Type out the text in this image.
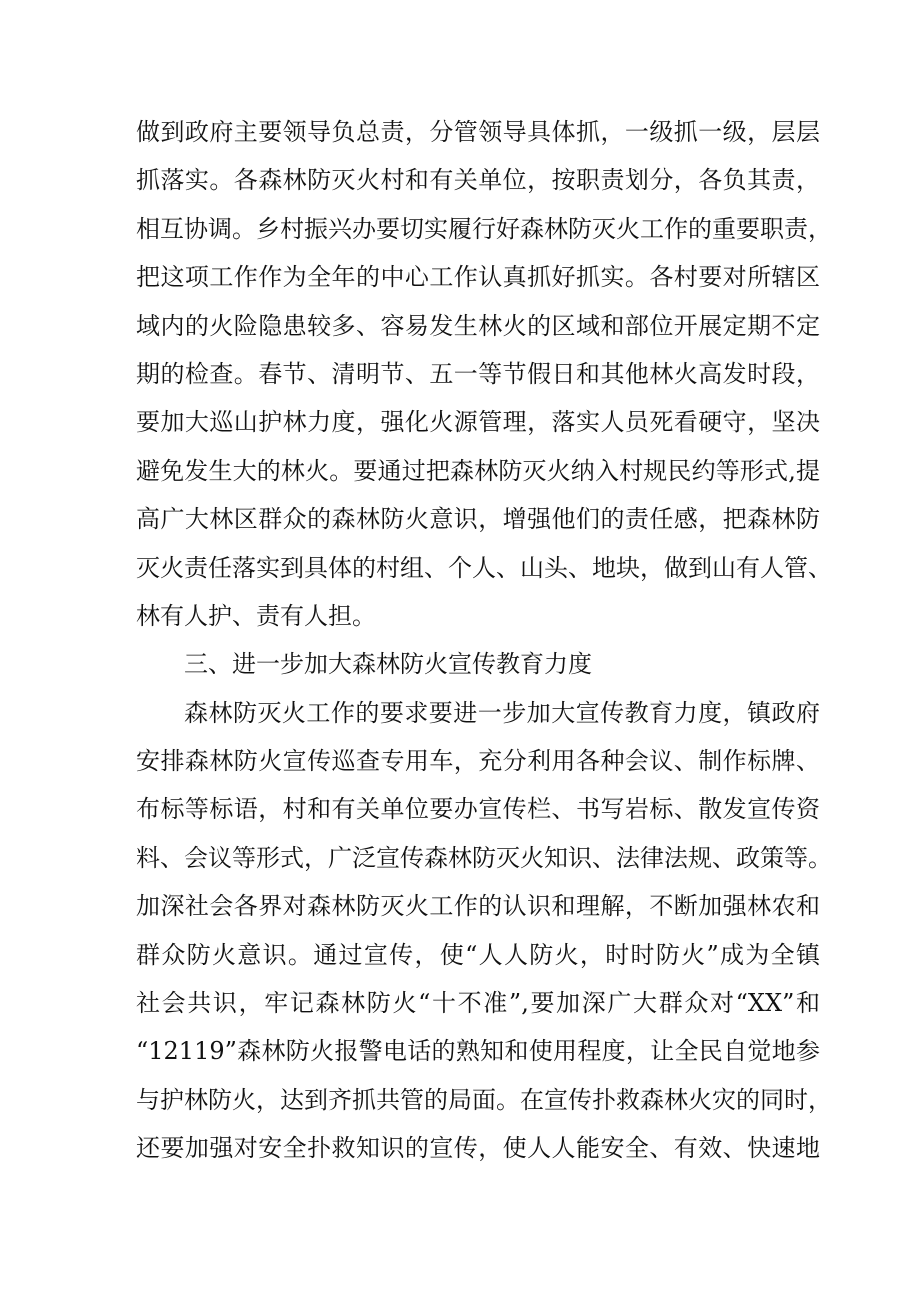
做到政府主要领导负总责，分管领导具体抓，一级抓一级，层层
抓落实。各森林防灭火村和有关单位，按职责划分，各负其责，
相互协调。乡村振兴办要切实履行好森林防灭火工作的重要职责，
把这项工作作为全年的中心工作认真抓好抓实。各村要对所辖区
域内的火险隐患较多、容易发生林火的区域和部位开展定期不定
期的检查。春节、清明节、五一等节假日和其他林火高发时段，
要加大巡山护林力度，强化火源管理，落实人员死看硬守，坚决
避免发生大的林火。要通过把森林防灭火纳入村规民约等形式,提
高广大林区群众的森林防火意识，增强他们的责任感，把森林防
灭火责任落实到具体的村组、个人、山头、地块，做到山有人管、
林有人护、责有人担。
三、进一步加大森林防火宣传教育力度
森林防灭火工作的要求要进一步加大宣传教育力度，镇政府
安排森林防火宣传巡查专用车，充分利用各种会议、制作标牌、
布标等标语，村和有关单位要办宣传栏、书写岩标、散发宣传资
料、会议等形式，广泛宣传森林防灭火知识、法律法规、政策等。
加深社会各界对森林防灭火工作的认识和理解，不断加强林农和
群众防火意识。通过宣传，使“人人防火，时时防火”成为全镇
社会共识，牢记森林防火“十不准”,要加深广大群众对“XX”和
“12119”森林防火报警电话的熟知和使用程度，让全民自觉地参
与护林防火，达到齐抓共管的局面。在宣传扑救森林火灾的同时，
还要加强对安全扑救知识的宣传，使人人能安全、有效、快速地
